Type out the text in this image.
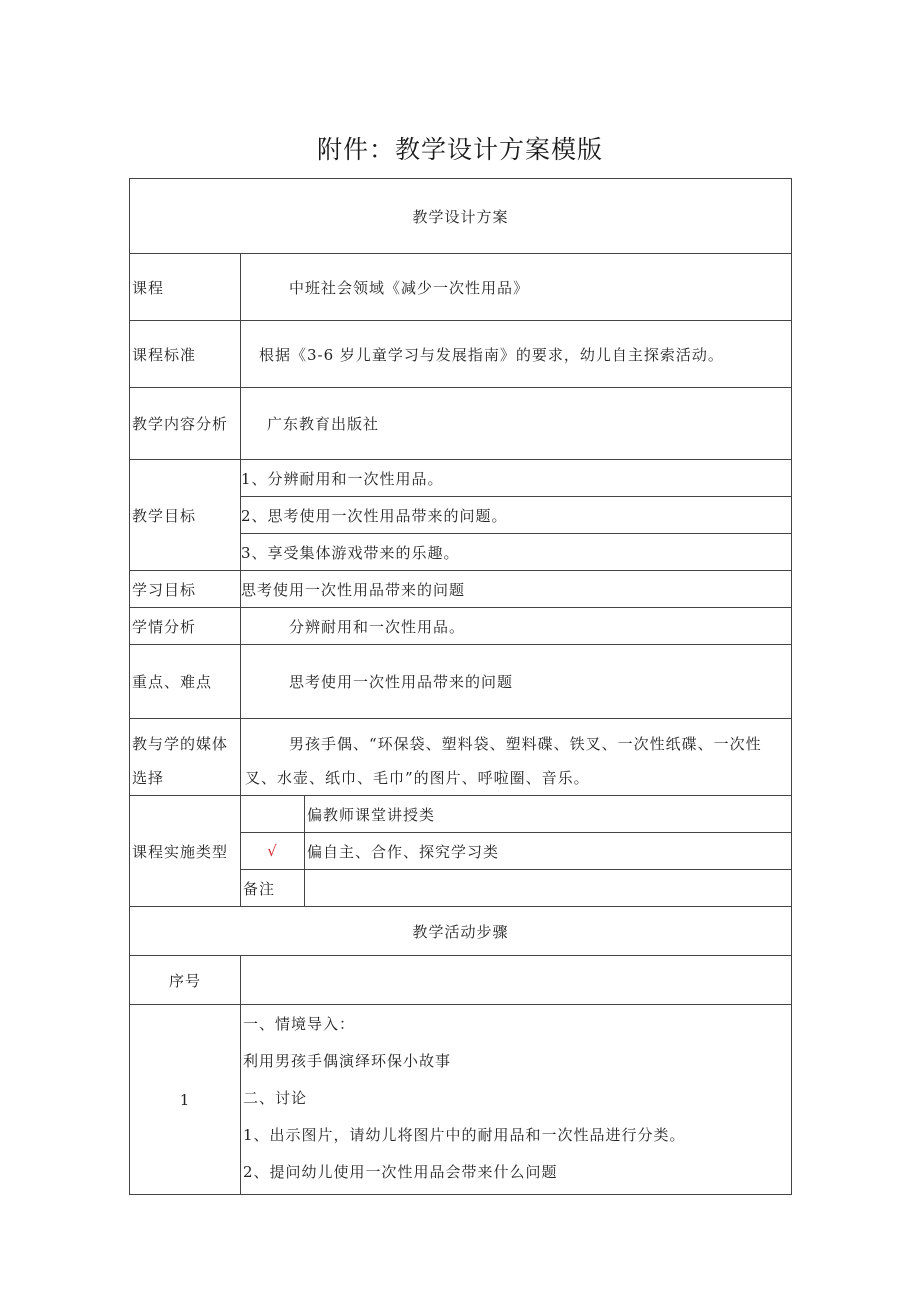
附件：教学设计方案模版
教学设计方案		
课程	中班社会领域《减少一次性用品》	
课程标准	根据《3-6 岁儿童学习与发展指南》的要求，幼儿自主探索活动。	
教学内容分析	广东教育出版社	
教学目标	1、分辨耐用和一次性用品。	
	2、思考使用一次性用品带来的问题。	
	3、享受集体游戏带来的乐趣。	
学习目标	思考使用一次性用品带来的问题	
学情分析	分辨耐用和一次性用品。	
重点、难点	思考使用一次性用品带来的问题	

教与学的媒体
选择	男孩手偶、“环保袋、塑料袋、塑料碟、铁叉、一次性纸碟、一次性叉、水壶、纸巾、毛巾”的图片、呼啦圈、音乐。	
课程实施类型		偏教师课堂讲授类
	√	偏自主、合作、探究学习类
	备注	
教学活动步骤		
序号		
1	一、情境导入：

利用男孩手偶演绎环保小故事

二、讨论

1、出示图片，请幼儿将图片中的耐用品和一次性品进行分类。

2、提问幼儿使用一次性用品会带来什么问题	
